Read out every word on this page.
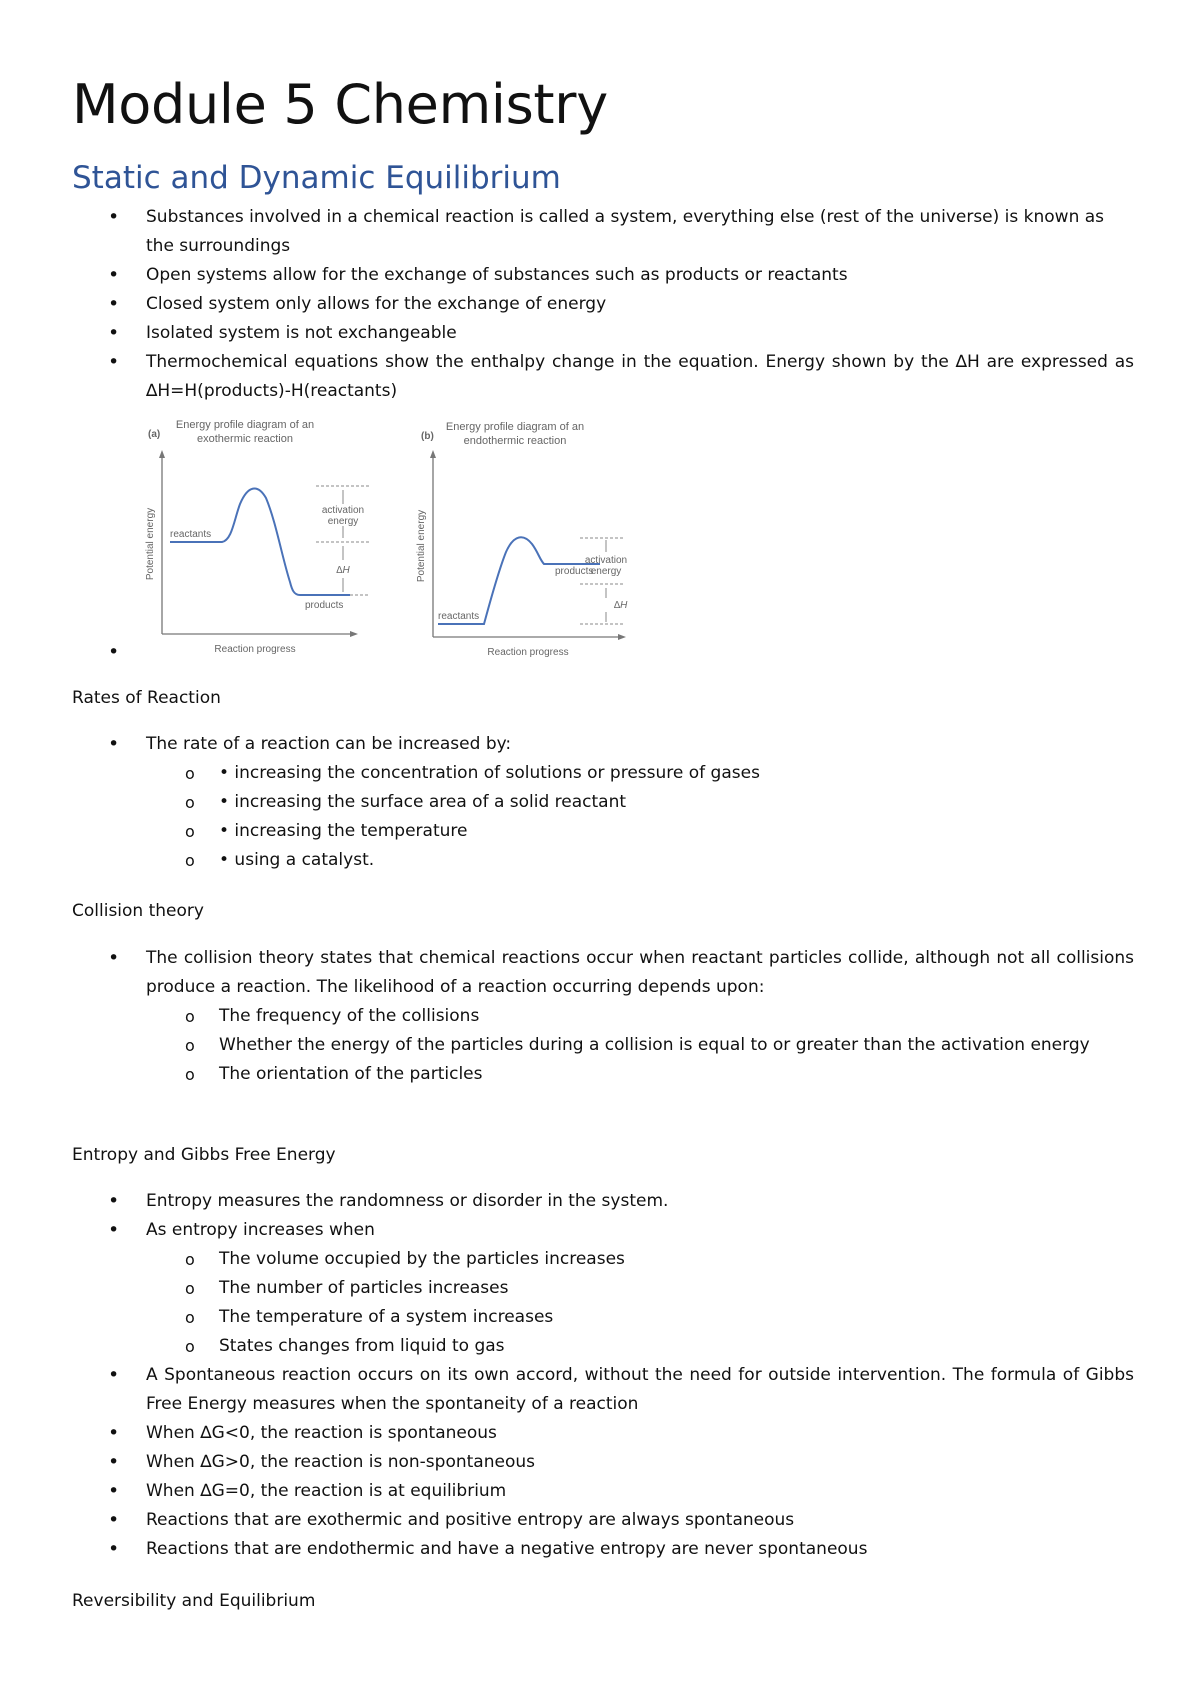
Module 5 Chemistry
Static and Dynamic Equilibrium
• Substances involved in a chemical reaction is called a system, everything else (rest of the universe) is known as the surroundings
• Open systems allow for the exchange of substances such as products or reactants
• Closed system only allows for the exchange of energy
• Isolated system is not exchangeable
• Thermochemical equations show the enthalpy change in the equation. Energy shown by the ∆H are expressed as ∆H=H(products)-H(reactants)
•
(a)
Energy profile diagram of an
exothermic reaction
Potential energy
Reaction progress
reactants
products
activation
energy
∆H
(b)
Energy profile diagram of an
endothermic reaction
Potential energy
Reaction progress
reactants
products
activation
energy
∆H
Rates of Reaction
• The rate of a reaction can be increased by:
o • increasing the concentration of solutions or pressure of gases
o • increasing the surface area of a solid reactant
o • increasing the temperature
o • using a catalyst.
Collision theory
• The collision theory states that chemical reactions occur when reactant particles collide, although not all collisions produce a reaction. The likelihood of a reaction occurring depends upon:
o The frequency of the collisions
o Whether the energy of the particles during a collision is equal to or greater than the activation energy
o The orientation of the particles
Entropy and Gibbs Free Energy
• Entropy measures the randomness or disorder in the system.
• As entropy increases when
o The volume occupied by the particles increases
o The number of particles increases
o The temperature of a system increases
o States changes from liquid to gas
• A Spontaneous reaction occurs on its own accord, without the need for outside intervention. The formula of Gibbs Free Energy measures when the spontaneity of a reaction
• When ∆G<0, the reaction is spontaneous
• When ∆G>0, the reaction is non-spontaneous
• When ∆G=0, the reaction is at equilibrium
• Reactions that are exothermic and positive entropy are always spontaneous
• Reactions that are endothermic and have a negative entropy are never spontaneous
Reversibility and Equilibrium
